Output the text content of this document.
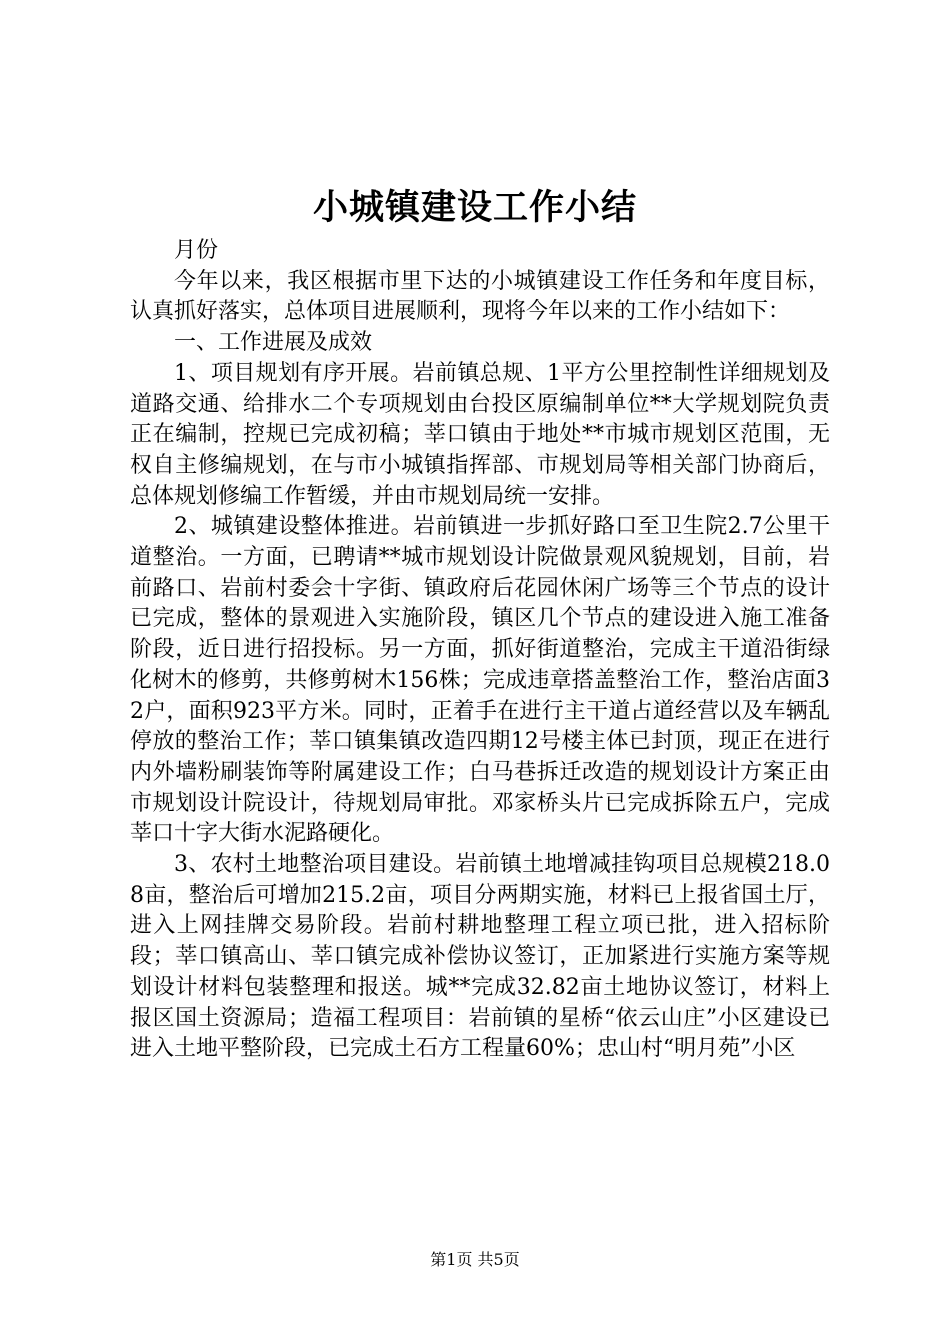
小城镇建设工作小结

月份

今年以来，我区根据市里下达的小城镇建设工作任务和年度目标，认真抓好落实，总体项目进展顺利，现将今年以来的工作小结如下：

一、工作进展及成效

1、项目规划有序开展。岩前镇总规、1平方公里控制性详细规划及道路交通、给排水二个专项规划由台投区原编制单位**大学规划院负责正在编制，控规已完成初稿；莘口镇由于地处**市城市规划区范围，无权自主修编规划，在与市小城镇指挥部、市规划局等相关部门协商后，总体规划修编工作暂缓，并由市规划局统一安排。

2、城镇建设整体推进。岩前镇进一步抓好路口至卫生院2.7公里干道整治。一方面，已聘请**城市规划设计院做景观风貌规划，目前，岩前路口、岩前村委会十字街、镇政府后花园休闲广场等三个节点的设计已完成，整体的景观进入实施阶段，镇区几个节点的建设进入施工准备阶段，近日进行招投标。另一方面，抓好街道整治，完成主干道沿街绿化树木的修剪，共修剪树木156株；完成违章搭盖整治工作，整治店面32户，面积923平方米。同时，正着手在进行主干道占道经营以及车辆乱停放的整治工作；莘口镇集镇改造四期12号楼主体已封顶，现正在进行内外墙粉刷装饰等附属建设工作；白马巷拆迁改造的规划设计方案正由市规划设计院设计，待规划局审批。邓家桥头片已完成拆除五户，完成莘口十字大街水泥路硬化。

3、农村土地整治项目建设。岩前镇土地增减挂钩项目总规模218.08亩，整治后可增加215.2亩，项目分两期实施，材料已上报省国土厅，进入上网挂牌交易阶段。岩前村耕地整理工程立项已批，进入招标阶段；莘口镇高山、莘口镇完成补偿协议签订，正加紧进行实施方案等规划设计材料包装整理和报送。城**完成32.82亩土地协议签订，材料上报区国土资源局；造福工程项目：岩前镇的星桥“依云山庄”小区建设已进入土地平整阶段，已完成土石方工程量60%；忠山村“明月苑”小区

第1页 共5页
